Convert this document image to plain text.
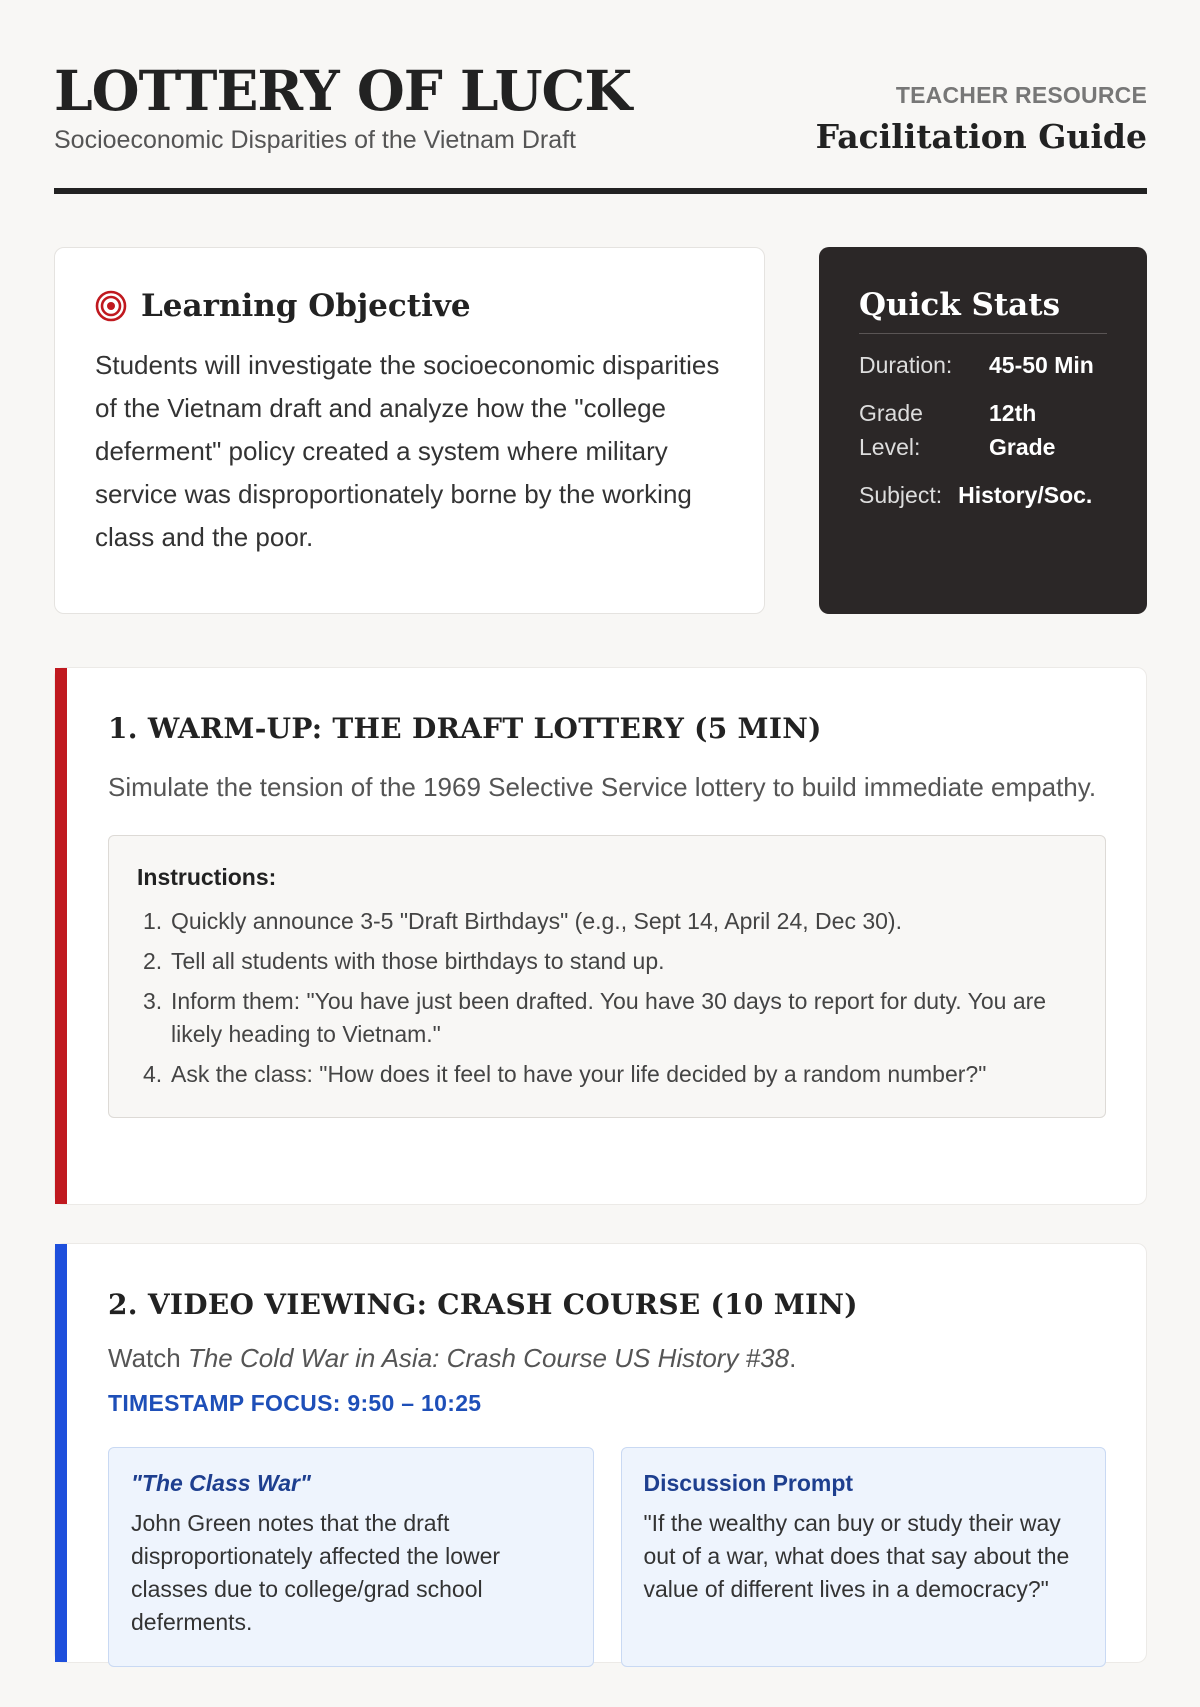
LOTTERY OF LUCK
Socioeconomic Disparities of the Vietnam Draft
TEACHER RESOURCE
Facilitation Guide
Learning Objective
Students will investigate the socioeconomic disparities of the Vietnam draft and analyze how the "college deferment" policy created a system where military service was disproportionately borne by the working class and the poor.
Quick Stats
Duration:	45-50 Min
Grade Level:
12th Grade
Subject: History/Soc.
1. WARM-UP: THE DRAFT LOTTERY (5 MIN)
Simulate the tension of the 1969 Selective Service lottery to build immediate empathy.
Instructions:
1. Quickly announce 3-5 "Draft Birthdays" (e.g., Sept 14, April 24, Dec 30).
2. Tell all students with those birthdays to stand up.
3. Inform them: "You have just been drafted. You have 30 days to report for duty. You are likely heading to Vietnam."
4. Ask the class: "How does it feel to have your life decided by a random number?"
2. VIDEO VIEWING: CRASH COURSE (10 MIN)
Watch The Cold War in Asia: Crash Course US History #38.
TIMESTAMP FOCUS: 9:50 – 10:25
"The Class War"
John Green notes that the draft disproportionately affected the lower classes due to college/grad school deferments.
Discussion Prompt
"If the wealthy can buy or study their way out of a war, what does that say about the value of different lives in a democracy?"
